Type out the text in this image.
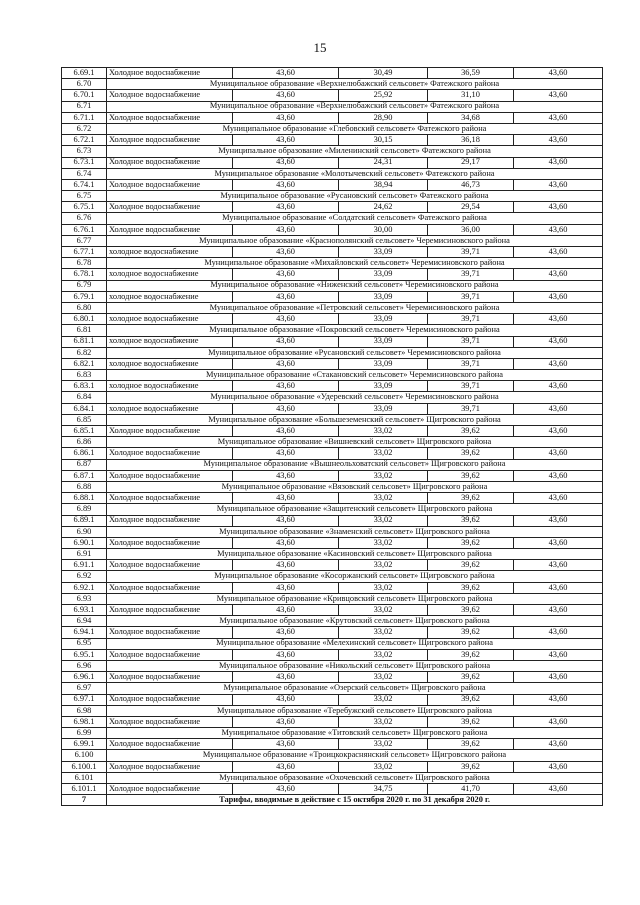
15
6.69.1	Холодное водоснабжение	43,60	30,49	36,59	43,60
6.70	Муниципальное образование «Верхнелюбажский сельсовет» Фатежского района				
6.70.1	Холодное водоснабжение	43,60	25,92	31,10	43,60
6.71	Муниципальное образование «Верхнелюбажский сельсовет» Фатежского района				
6.71.1	Холодное водоснабжение	43,60	28,90	34,68	43,60
6.72	Муниципальное образование «Глебовский сельсовет» Фатежского района				
6.72.1	Холодное водоснабжение	43,60	30,15	36,18	43,60
6.73	Муниципальное образование «Миленинский сельсовет» Фатежского района				
6.73.1	Холодное водоснабжение	43,60	24,31	29,17	43,60
6.74	Муниципальное образование «Молотычевский сельсовет» Фатежского района				
6.74.1	Холодное водоснабжение	43,60	38,94	46,73	43,60
6.75	Муниципальное образование «Русановский сельсовет» Фатежского района				
6.75.1	Холодное водоснабжение	43,60	24,62	29,54	43,60
6.76	Муниципальное образование «Солдатский сельсовет» Фатежского района				
6.76.1	Холодное водоснабжение	43,60	30,00	36,00	43,60
6.77	Муниципальное образование «Краснополянский сельсовет» Черемисиновского района				
6.77.1	холодное водоснабжение	43,60	33,09	39,71	43,60
6.78	Муниципальное образование «Михайловский сельсовет» Черемисиновского района				
6.78.1	холодное водоснабжение	43,60	33,09	39,71	43,60
6.79	Муниципальное образование «Ниженский сельсовет» Черемисиновского района				
6.79.1	холодное водоснабжение	43,60	33,09	39,71	43,60
6.80	Муниципальное образование «Петровский сельсовет» Черемисиновского района				
6.80.1	холодное водоснабжение	43,60	33,09	39,71	43,60
6.81	Муниципальное образование «Покровский сельсовет» Черемисиновского района				
6.81.1	холодное водоснабжение	43,60	33,09	39,71	43,60
6.82	Муниципальное образование «Русановский сельсовет» Черемисиновского района				
6.82.1	холодное водоснабжение	43,60	33,09	39,71	43,60
6.83	Муниципальное образование «Стакановский сельсовет» Черемисиновского района				
6.83.1	холодное водоснабжение	43,60	33,09	39,71	43,60
6.84	Муниципальное образование «Удеревский сельсовет» Черемисиновского района				
6.84.1	холодное водоснабжение	43,60	33,09	39,71	43,60
6.85	Муниципальное образование «Большеземенский сельсовет» Щигровского района				
6.85.1	Холодное водоснабжение	43,60	33,02	39,62	43,60
6.86	Муниципальное образование «Вишневский сельсовет» Щигровского района				
6.86.1	Холодное водоснабжение	43,60	33,02	39,62	43,60
6.87	Муниципальное образование «Вышнеольховатский сельсовет» Щигровского района				
6.87.1	Холодное водоснабжение	43,60	33,02	39,62	43,60
6.88	Муниципальное образование «Вязовский сельсовет» Щигровского района				
6.88.1	Холодное водоснабжение	43,60	33,02	39,62	43,60
6.89	Муниципальное образование «Защитенский сельсовет» Щигровского района				
6.89.1	Холодное водоснабжение	43,60	33,02	39,62	43,60
6.90	Муниципальное образование «Знаменский сельсовет» Щигровского района				
6.90.1	Холодное водоснабжение	43,60	33,02	39,62	43,60
6.91	Муниципальное образование «Касиновский сельсовет» Щигровского района				
6.91.1	Холодное водоснабжение	43,60	33,02	39,62	43,60
6.92	Муниципальное образование «Косоржанский сельсовет» Щигровского района				
6.92.1	Холодное водоснабжение	43,60	33,02	39,62	43,60
6.93	Муниципальное образование «Кривцовский сельсовет» Щигровского района				
6.93.1	Холодное водоснабжение	43,60	33,02	39,62	43,60
6.94	Муниципальное образование «Крутовский сельсовет» Щигровского района				
6.94.1	Холодное водоснабжение	43,60	33,02	39,62	43,60
6.95	Муниципальное образование «Мелехинский сельсовет» Щигровского района				
6.95.1	Холодное водоснабжение	43,60	33,02	39,62	43,60
6.96	Муниципальное образование «Никольский сельсовет» Щигровского района				
6.96.1	Холодное водоснабжение	43,60	33,02	39,62	43,60
6.97	Муниципальное образование «Озерский сельсовет» Щигровского района				
6.97.1	Холодное водоснабжение	43,60	33,02	39,62	43,60
6.98	Муниципальное образование «Теребужский сельсовет» Щигровского района				
6.98.1	Холодное водоснабжение	43,60	33,02	39,62	43,60
6.99	Муниципальное образование «Титовский сельсовет» Щигровского района				
6.99.1	Холодное водоснабжение	43,60	33,02	39,62	43,60
6.100	Муниципальное образование «Троицкокраснянский сельсовет» Щигровского района				
6.100.1	Холодное водоснабжение	43,60	33,02	39,62	43,60
6.101	Муниципальное образование «Охочевский сельсовет» Щигровского района				
6.101.1	Холодное водоснабжение	43,60	34,75	41,70	43,60
7	Тарифы, вводимые в действие с 15 октября 2020 г. по 31 декабря 2020 г.				
